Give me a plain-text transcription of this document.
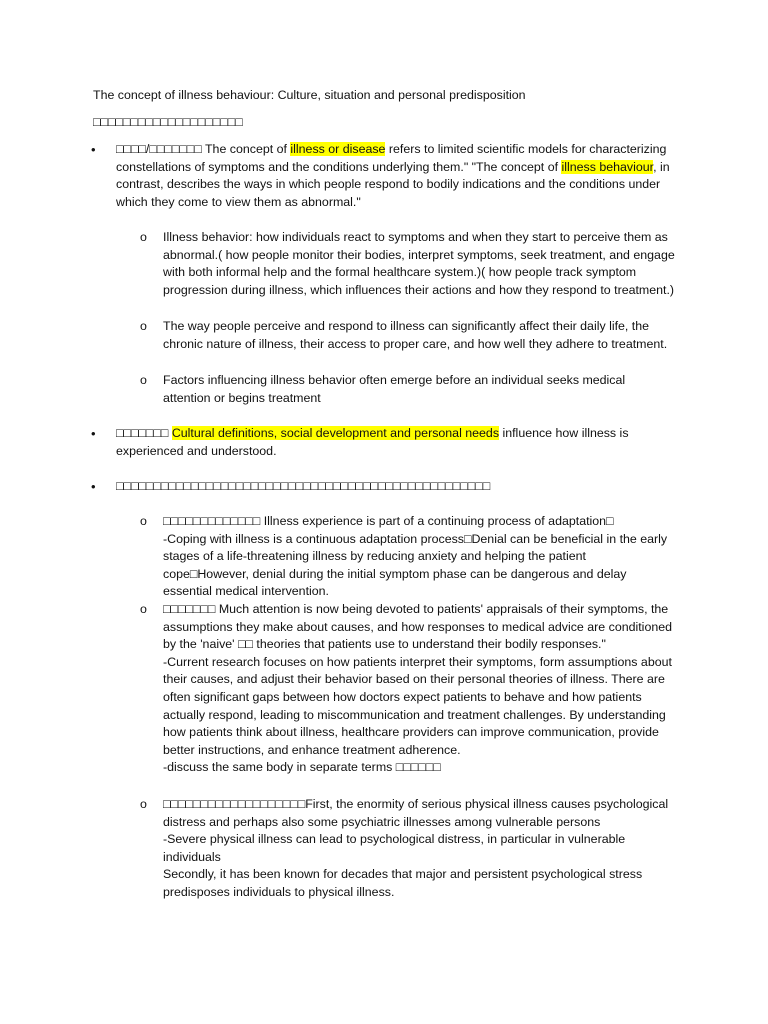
The concept of illness behaviour: Culture, situation and personal predisposition
□□□□□□□□□□□□□□□□□□□□
• □□□□/□□□□□□□ The concept of illness or disease refers to limited scientific models for characterizing constellations of symptoms and the conditions underlying them." "The concept of illness behaviour, in contrast, describes the ways in which people respond to bodily indications and the conditions under which they come to view them as abnormal."
o Illness behavior: how individuals react to symptoms and when they start to perceive them as abnormal.( how people monitor their bodies, interpret symptoms, seek treatment, and engage with both informal help and the formal healthcare system.)( how people track symptom progression during illness, which influences their actions and how they respond to treatment.)
o The way people perceive and respond to illness can significantly affect their daily life, the chronic nature of illness, their access to proper care, and how well they adhere to treatment.
o Factors influencing illness behavior often emerge before an individual seeks medical attention or begins treatment
• □□□□□□□ Cultural definitions, social development and personal needs influence how illness is experienced and understood.
• □□□□□□□□□□□□□□□□□□□□□□□□□□□□□□□□□□□□□□□□□□□□□□□□□□
o □□□□□□□□□□□□□ Illness experience is part of a continuing process of adaptation□
-Coping with illness is a continuous adaptation process□Denial can be beneficial in the early stages of a life-threatening illness by reducing anxiety and helping the patient cope□However, denial during the initial symptom phase can be dangerous and delay essential medical intervention.
o □□□□□□□ Much attention is now being devoted to patients' appraisals of their symptoms, the assumptions they make about causes, and how responses to medical advice are conditioned by the 'naive' □□ theories that patients use to understand their bodily responses."
-Current research focuses on how patients interpret their symptoms, form assumptions about their causes, and adjust their behavior based on their personal theories of illness. There are often significant gaps between how doctors expect patients to behave and how patients actually respond, leading to miscommunication and treatment challenges. By understanding how patients think about illness, healthcare providers can improve communication, provide better instructions, and enhance treatment adherence.
-discuss the same body in separate terms □□□□□□
o □□□□□□□□□□□□□□□□□□□First, the enormity of serious physical illness causes psychological distress and perhaps also some psychiatric illnesses among vulnerable persons
-Severe physical illness can lead to psychological distress, in particular in vulnerable individuals
Secondly, it has been known for decades that major and persistent psychological stress predisposes individuals to physical illness.
